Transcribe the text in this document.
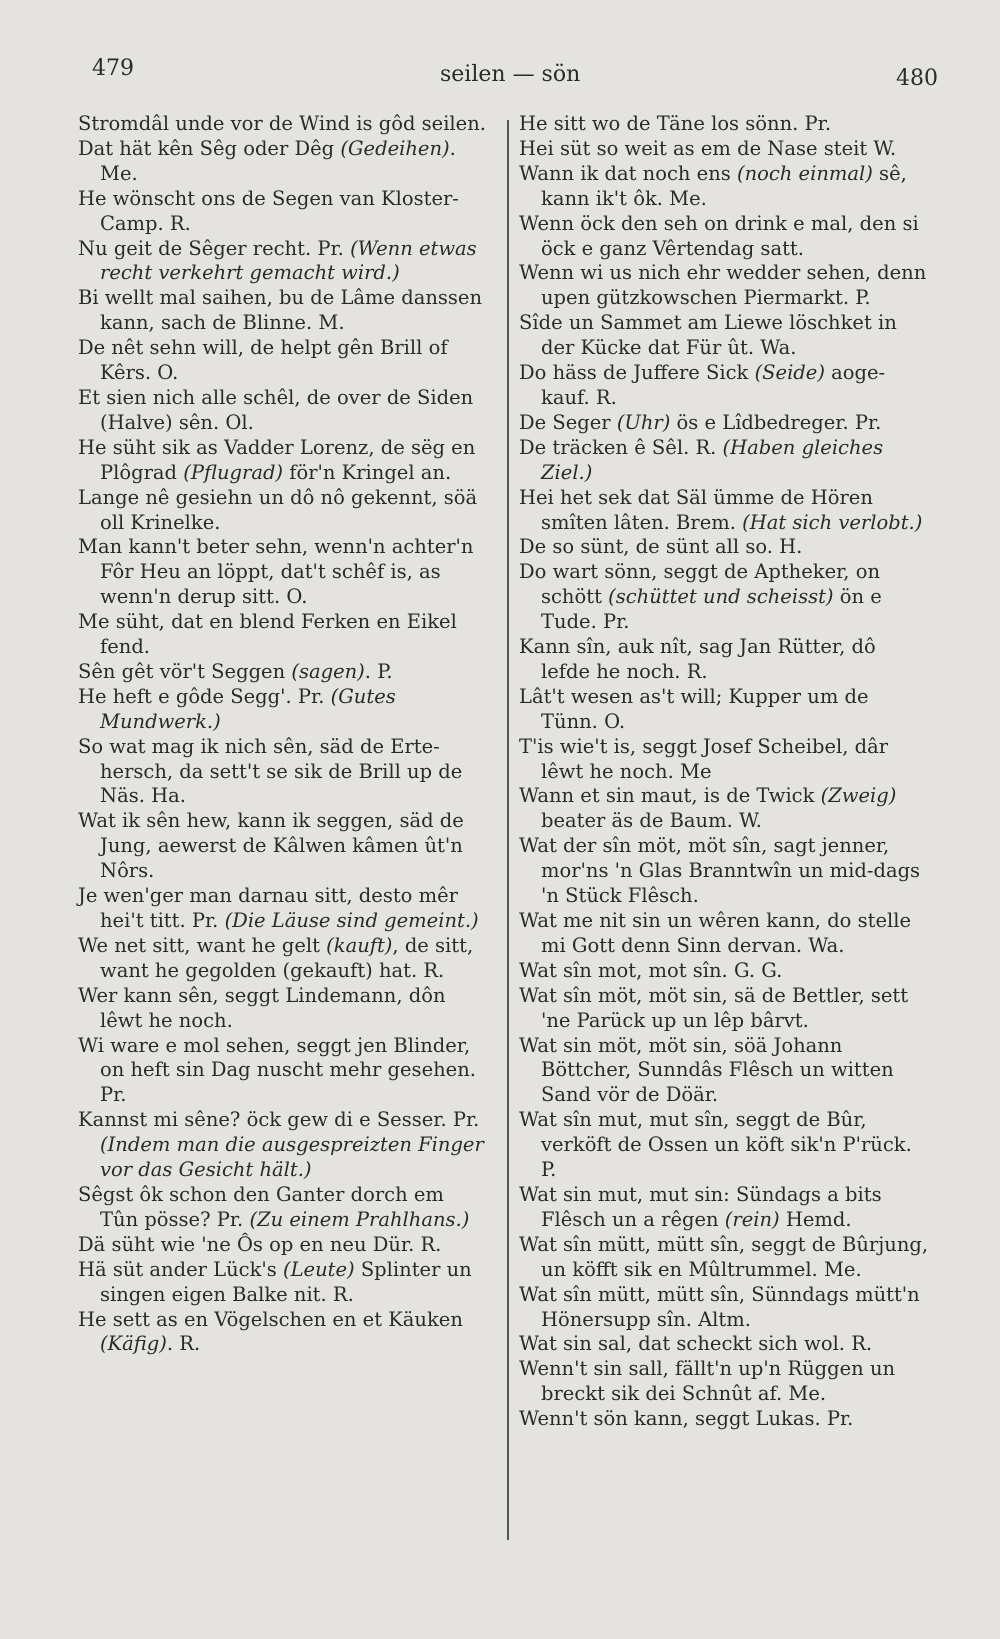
479	seilen — sön	480

Stromdâl unde vor de Wind is gôd seilen.

Dat hät kên Sêg oder Dêg (Gedeihen). Me.

He wönscht ons de Segen van Kloster-Camp. R.

Nu geit de Sêger recht. Pr. (Wenn etwas recht verkehrt gemacht wird.)

Bi wellt mal saihen, bu de Lâme danssen kann, sach de Blinne. M.

De nêt sehn will, de helpt gên Brill of Kêrs. O.

Et sien nich alle schêl, de over de Siden (Halve) sên. Ol.

He süht sik as Vadder Lorenz, de sëg en Plôgrad (Pflugrad) för'n Kringel an.

Lange nê gesiehn un dô nô gekennt, söä oll Krinelke.

Man kann't beter sehn, wenn'n achter'n Fôr Heu an löppt, dat't schêf is, as wenn'n derup sitt. O.

Me süht, dat en blend Ferken en Eikel fend.

Sên gêt vör't Seggen (sagen). P.

He heft e gôde Segg'. Pr. (Gutes Mundwerk.)

So wat mag ik nich sên, säd de Erte-hersch, da sett't se sik de Brill up de Näs. Ha.

Wat ik sên hew, kann ik seggen, säd de Jung, aewerst de Kâlwen kâmen ût'n Nôrs.

Je wen'ger man darnau sitt, desto mêr hei't titt. Pr. (Die Läuse sind gemeint.)

We net sitt, want he gelt (kauft), de sitt, want he gegolden (gekauft) hat. R.

Wer kann sên, seggt Lindemann, dôn lêwt he noch.

Wi ware e mol sehen, seggt jen Blinder, on heft sin Dag nuscht mehr gesehen. Pr.

Kannst mi sêne? öck gew di e Sesser. Pr. (Indem man die ausgespreizten Finger vor das Gesicht hält.)

Sêgst ôk schon den Ganter dorch em Tûn pösse? Pr. (Zu einem Prahlhans.)

Dä süht wie 'ne Ôs op en neu Dür. R.

Hä süt ander Lück's (Leute) Splinter un singen eigen Balke nit. R.

He sett as en Vögelschen en et Käuken (Käfig). R.

He sitt wo de Täne los sönn. Pr.

Hei süt so weit as em de Nase steit W.

Wann ik dat noch ens (noch einmal) sê, kann ik't ôk. Me.

Wenn öck den seh on drink e mal, den si öck e ganz Vêrtendag satt.

Wenn wi us nich ehr wedder sehen, denn upen gützkowschen Piermarkt. P.

Sîde un Sammet am Liewe löschket in der Kücke dat Für ût. Wa.

Do häss de Juffere Sick (Seide) aoge-kauf. R.

De Seger (Uhr) ös e Lîdbedreger. Pr.

De träcken ê Sêl. R. (Haben gleiches Ziel.)

Hei het sek dat Säl ümme de Hören smîten lâten. Brem. (Hat sich verlobt.)

De so sünt, de sünt all so. H.

Do wart sönn, seggt de Aptheker, on schött (schüttet und scheisst) ön e Tude. Pr.

Kann sîn, auk nît, sag Jan Rütter, dô lefde he noch. R.

Lât't wesen as't will; Kupper um de Tünn. O.

T'is wie't is, seggt Josef Scheibel, dâr lêwt he noch. Me

Wann et sin maut, is de Twick (Zweig) beater äs de Baum. W.

Wat der sîn möt, möt sîn, sagt jenner, mor'ns 'n Glas Branntwîn un mid-dags 'n Stück Flêsch.

Wat me nit sin un wêren kann, do stelle mi Gott denn Sinn dervan. Wa.

Wat sîn mot, mot sîn. G. G.

Wat sîn möt, möt sin, sä de Bettler, sett 'ne Parück up un lêp bârvt.

Wat sin möt, möt sin, söä Johann Böttcher, Sunndâs Flêsch un witten Sand vör de Döär.

Wat sîn mut, mut sîn, seggt de Bûr, verköft de Ossen un köft sik'n P'rück. P.

Wat sin mut, mut sin: Sündags a bits Flêsch un a rêgen (rein) Hemd.

Wat sîn mütt, mütt sîn, seggt de Bûrjung, un köfft sik en Mûltrummel. Me.

Wat sîn mütt, mütt sîn, Sünndags mütt'n Hönersupp sîn. Altm.

Wat sin sal, dat scheckt sich wol. R.

Wenn't sin sall, fällt'n up'n Rüggen un breckt sik dei Schnût af. Me.

Wenn't sön kann, seggt Lukas. Pr.
